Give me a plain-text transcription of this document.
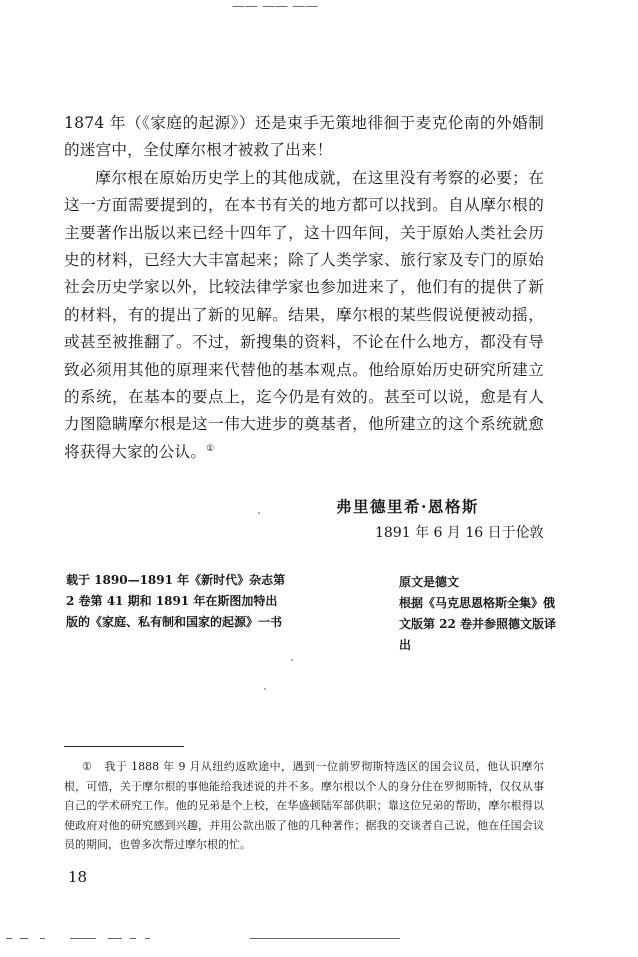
—— —— ——

1874 年（《家庭的起源》）还是束手无策地徘徊于麦克伦南的外婚制的迷宫中，全仗摩尔根才被救了出来！

摩尔根在原始历史学上的其他成就，在这里没有考察的必要；在这一方面需要提到的，在本书有关的地方都可以找到。自从摩尔根的主要著作出版以来已经十四年了，这十四年间，关于原始人类社会历史的材料，已经大大丰富起来；除了人类学家、旅行家及专门的原始社会历史学家以外，比较法律学家也参加进来了，他们有的提供了新的材料，有的提出了新的见解。结果，摩尔根的某些假说便被动摇，或甚至被推翻了。不过，新搜集的资料，不论在什么地方，都没有导致必须用其他的原理来代替他的基本观点。他给原始历史研究所建立的系统，在基本的要点上，迄今仍是有效的。甚至可以说，愈是有人力图隐瞒摩尔根是这一伟大进步的奠基者，他所建立的这个系统就愈将获得大家的公认。①

弗里德里希·恩格斯
1891 年 6 月 16 日于伦敦
载于 1890—1891 年《新时代》杂志第 2 卷第 41 期和 1891 年在斯图加特出版的《家庭、私有制和国家的起源》一书
原文是德文
根据《马克思恩格斯全集》俄文版第 22 卷并参照德文版译出
① 我于 1888 年 9 月从纽约返欧途中，遇到一位前罗彻斯特选区的国会议员，他认识摩尔根，可惜，关于摩尔根的事他能给我述说的并不多。摩尔根以个人的身分住在罗彻斯特，仅仅从事自己的学术研究工作。他的兄弟是个上校，在华盛顿陆军部供职；靠这位兄弟的帮助，摩尔根得以使政府对他的研究感到兴趣，并用公款出版了他的几种著作；据我的交谈者自己说，他在任国会议员的期间，也曾多次帮过摩尔根的忙。
18
